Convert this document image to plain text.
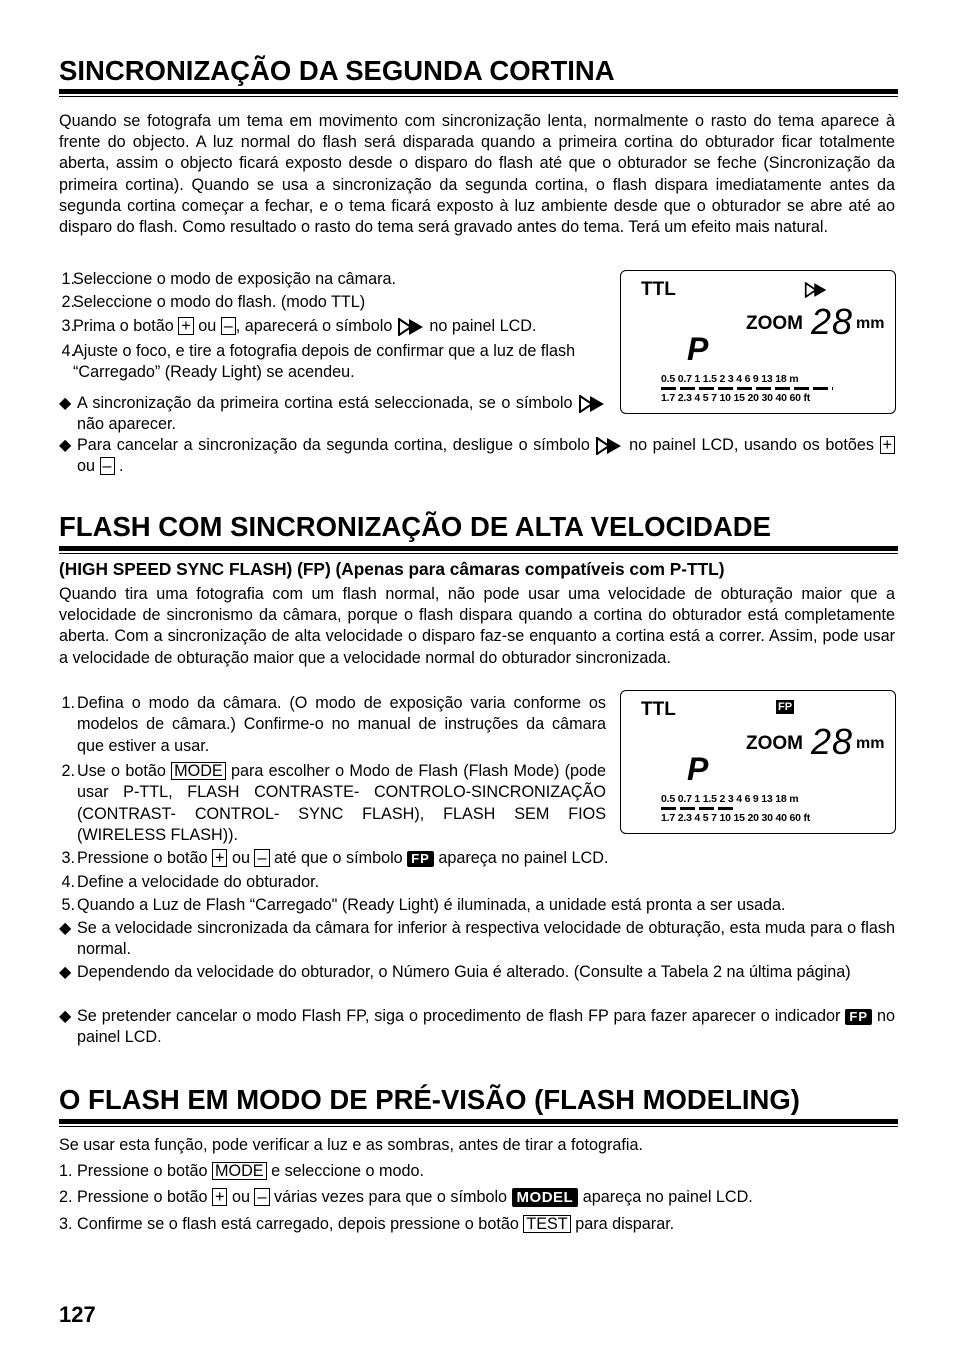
SINCRONIZAÇÃO DA SEGUNDA CORTINA
Quando se fotografa um tema em movimento com sincronização lenta, normalmente o rasto do tema aparece à frente do objecto. A luz normal do flash será disparada quando a primeira cortina do obturador ficar totalmente aberta, assim o objecto ficará exposto desde o disparo do flash até que o obturador se feche (Sincronização da primeira cortina). Quando se usa a sincronização da segunda cortina, o flash dispara imediatamente antes da segunda cortina começar a fechar, e o tema ficará exposto à luz ambiente desde que o obturador se abre até ao disparo do flash. Como resultado o rasto do tema será gravado antes do tema. Terá um efeito mais natural.
1.
Seleccione o modo de exposição na câmara.
2.
Seleccione o modo do flash. (modo TTL)
3.
Prima o botão + ou – , aparecerá o símbolo no painel LCD.
4.
Ajuste o foco, e tire a fotografia depois de confirmar que a luz de flash “Carregado” (Ready Light) se acendeu.
◆ A sincronização da primeira cortina está seleccionada, se o símbolo  não aparecer.
◆ Para cancelar a sincronização da segunda cortina, desligue o símbolo no painel LCD, usando os botões + ou – .
TTL
ZOOM 28 mm
P
0.5 0.7 1 1.5 2 3 4 6 9 13 18 m
1.7 2.3 4 5 7 10 15 20 30 40 60 ft
FLASH COM SINCRONIZAÇÃO DE ALTA VELOCIDADE
(HIGH SPEED SYNC FLASH) (FP) (Apenas para câmaras compatíveis com P-TTL)
Quando tira uma fotografia com um flash normal, não pode usar uma velocidade de obturação maior que a velocidade de sincronismo da câmara, porque o flash dispara quando a cortina do obturador está completamente aberta. Com a sincronização de alta velocidade o disparo faz-se enquanto a cortina está a correr. Assim, pode usar a velocidade de obturação maior que a velocidade normal do obturador sincronizada.
1. Defina o modo da câmara. (O modo de exposição varia conforme os modelos de câmara.) Confirme-o no manual de instruções da câmara que estiver a usar.
2. Use o botão MODE para escolher o Modo de Flash (Flash Mode) (pode usar P-TTL, FLASH CONTRASTE- CONTROLO-SINCRONIZAÇÃO (CONTRAST- CONTROL- SYNC FLASH), FLASH SEM FIOS (WIRELESS FLASH)).
3. Pressione o botão + ou – até que o símbolo FP apareça no painel LCD.
4. Define a velocidade do obturador.
5. Quando a Luz de Flash “Carregado" (Ready Light) é iluminada, a unidade está pronta a ser usada.
◆ Se a velocidade sincronizada da câmara for inferior à respectiva velocidade de obturação, esta muda para o flash normal.
◆ Dependendo da velocidade do obturador, o Número Guia é alterado. (Consulte a Tabela 2 na última página)
◆ Se pretender cancelar o modo Flash FP, siga o procedimento de flash FP para fazer aparecer o indicador FP no painel LCD.
TTL	FP
ZOOM 28 mm
P
0.5 0.7 1 1.5 2 3 4 6 9 13 18 m
1.7 2.3 4 5 7 10 15 20 30 40 60 ft
O FLASH EM MODO DE PRÉ-VISÃO (FLASH MODELING)
Se usar esta função, pode verificar a luz e as sombras, antes de tirar a fotografia.
1. Pressione o botão MODE e seleccione o modo.
2. Pressione o botão + ou – várias vezes para que o símbolo MODEL apareça no painel LCD.
3. Confirme se o flash está carregado, depois pressione o botão TEST para disparar.
127
